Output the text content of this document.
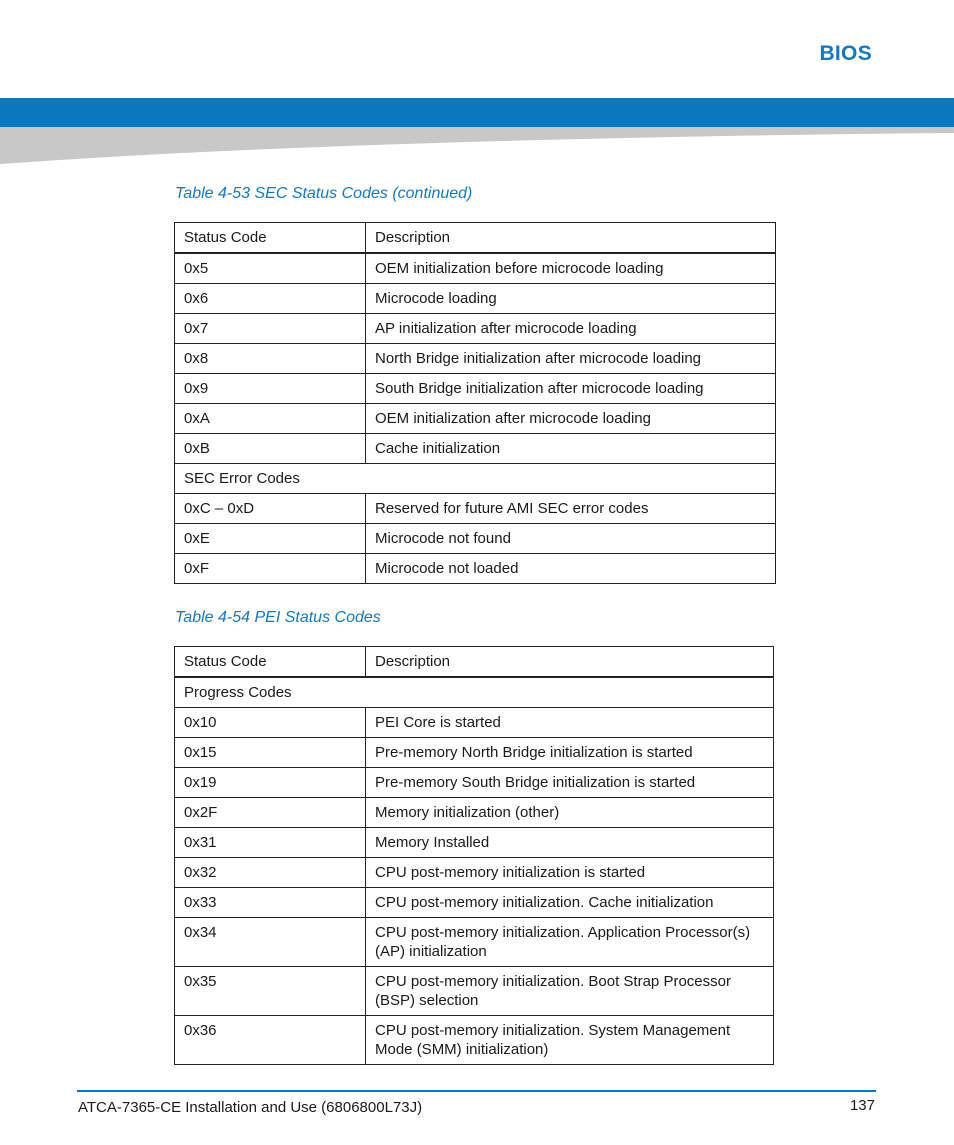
BIOS
Table 4-53 SEC Status Codes (continued)
Status Code	Description
0x5	OEM initialization before microcode loading
0x6	Microcode loading
0x7	AP initialization after microcode loading
0x8	North Bridge initialization after microcode loading
0x9	South Bridge initialization after microcode loading
0xA	OEM initialization after microcode loading
0xB	Cache initialization
SEC Error Codes	
0xC – 0xD	Reserved for future AMI SEC error codes
0xE	Microcode not found
0xF	Microcode not loaded
Table 4-54 PEI Status Codes
Status Code	Description
Progress Codes	
0x10	PEI Core is started
0x15	Pre-memory North Bridge initialization is started
0x19	Pre-memory South Bridge initialization is started
0x2F	Memory initialization (other)
0x31	Memory Installed
0x32	CPU post-memory initialization is started
0x33	CPU post-memory initialization. Cache initialization
0x34	CPU post-memory initialization. Application Processor(s) (AP) initialization
0x35	CPU post-memory initialization. Boot Strap Processor (BSP) selection
0x36	CPU post-memory initialization. System Management Mode (SMM) initialization)
ATCA-7365-CE Installation and Use (6806800L73J)	137
